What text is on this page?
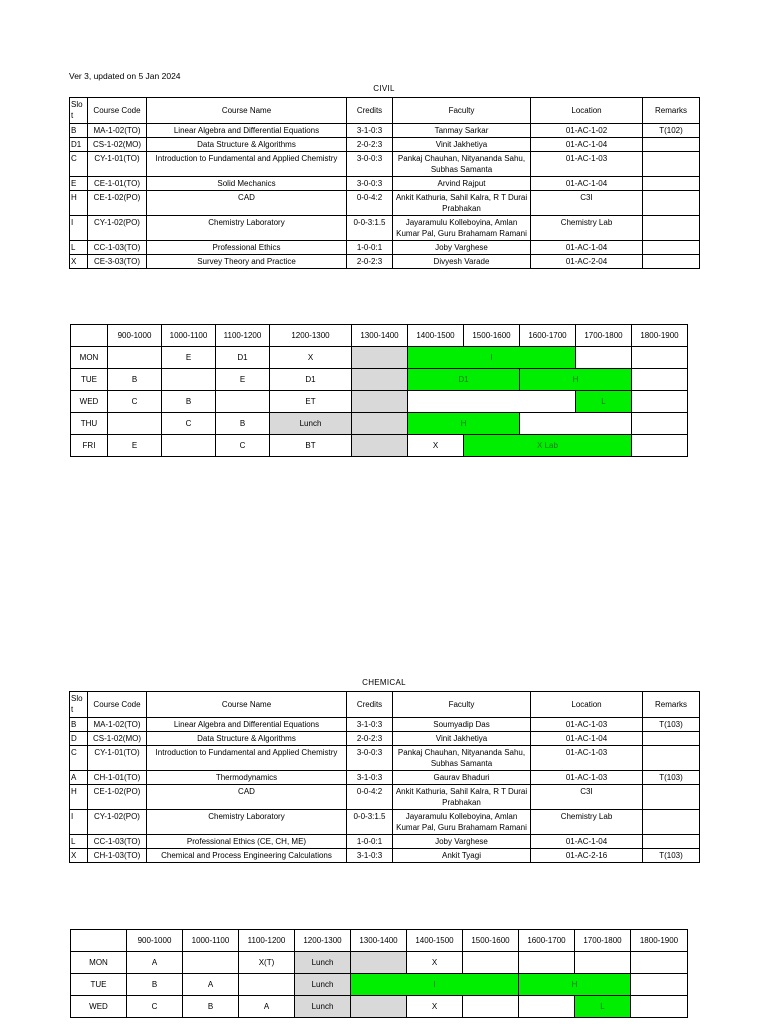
Ver 3, updated on 5 Jan 2024
CIVIL
Slo
t	Course Code	Course Name	Credits	Faculty	Location	Remarks
B	MA-1-02(TO)	Linear Algebra and Differential Equations	3-1-0:3	Tanmay Sarkar	01-AC-1-02	T(102)
D1	CS-1-02(MO)	Data Structure & Algorithms	2-0-2:3	Vinit Jakhetiya	01-AC-1-04	
C	CY-1-01(TO)	Introduction to Fundamental and Applied Chemistry	3-0-0:3	Pankaj Chauhan, Nityananda Sahu, Subhas Samanta	01-AC-1-03	
E	CE-1-01(TO)	Solid Mechanics	3-0-0:3	Arvind Rajput	01-AC-1-04	
H	CE-1-02(PO)	CAD	0-0-4:2	Ankit Kathuria, Sahil Kalra, R T Durai Prabhakan	C3I	
I	CY-1-02(PO)	Chemistry Laboratory	0-0-3:1.5	Jayaramulu Kolleboyina, Amlan Kumar Pal, Guru Brahamam Ramani	Chemistry Lab	
L	CC-1-03(TO)	Professional Ethics	1-0-0:1	Joby Varghese	01-AC-1-04	
X	CE-3-03(TO)	Survey Theory and Practice	2-0-2:3	Divyesh Varade	01-AC-2-04	
	900-1000	1000-1100	1100-1200	1200-1300	1300-1400	1400-1500	1500-1600	1600-1700	1700-1800	1800-1900
MON		E	D1	X		I				
TUE	B		E	D1		D1		H		
WED	C	B		ET					L	
THU		C	B	Lunch		H				
FRI	E		C	BT		X	X Lab			
CHEMICAL
Slo
t	Course Code	Course Name	Credits	Faculty	Location	Remarks
B	MA-1-02(TO)	Linear Algebra and Differential Equations	3-1-0:3	Soumyadip Das	01-AC-1-03	T(103)
D	CS-1-02(MO)	Data Structure & Algorithms	2-0-2:3	Vinit Jakhetiya	01-AC-1-04	
C	CY-1-01(TO)	Introduction to Fundamental and Applied Chemistry	3-0-0:3	Pankaj Chauhan, Nityananda Sahu, Subhas Samanta	01-AC-1-03	
A	CH-1-01(TO)	Thermodynamics	3-1-0:3	Gaurav Bhaduri	01-AC-1-03	T(103)
H	CE-1-02(PO)	CAD	0-0-4:2	Ankit Kathuria, Sahil Kalra, R T Durai Prabhakan	C3I	
I	CY-1-02(PO)	Chemistry Laboratory	0-0-3:1.5	Jayaramulu Kolleboyina, Amlan Kumar Pal, Guru Brahamam Ramani	Chemistry Lab	
L	CC-1-03(TO)	Professional Ethics (CE, CH, ME)	1-0-0:1	Joby Varghese	01-AC-1-04	
X	CH-1-03(TO)	Chemical and Process Engineering Calculations	3-1-0:3	Ankit Tyagi	01-AC-2-16	T(103)
	900-1000	1000-1100	1100-1200	1200-1300	1300-1400	1400-1500	1500-1600	1600-1700	1700-1800	1800-1900
MON	A		X(T)	Lunch		X				
TUE	B	A		Lunch	I			H		
WED	C	B	A	Lunch		X			L	
